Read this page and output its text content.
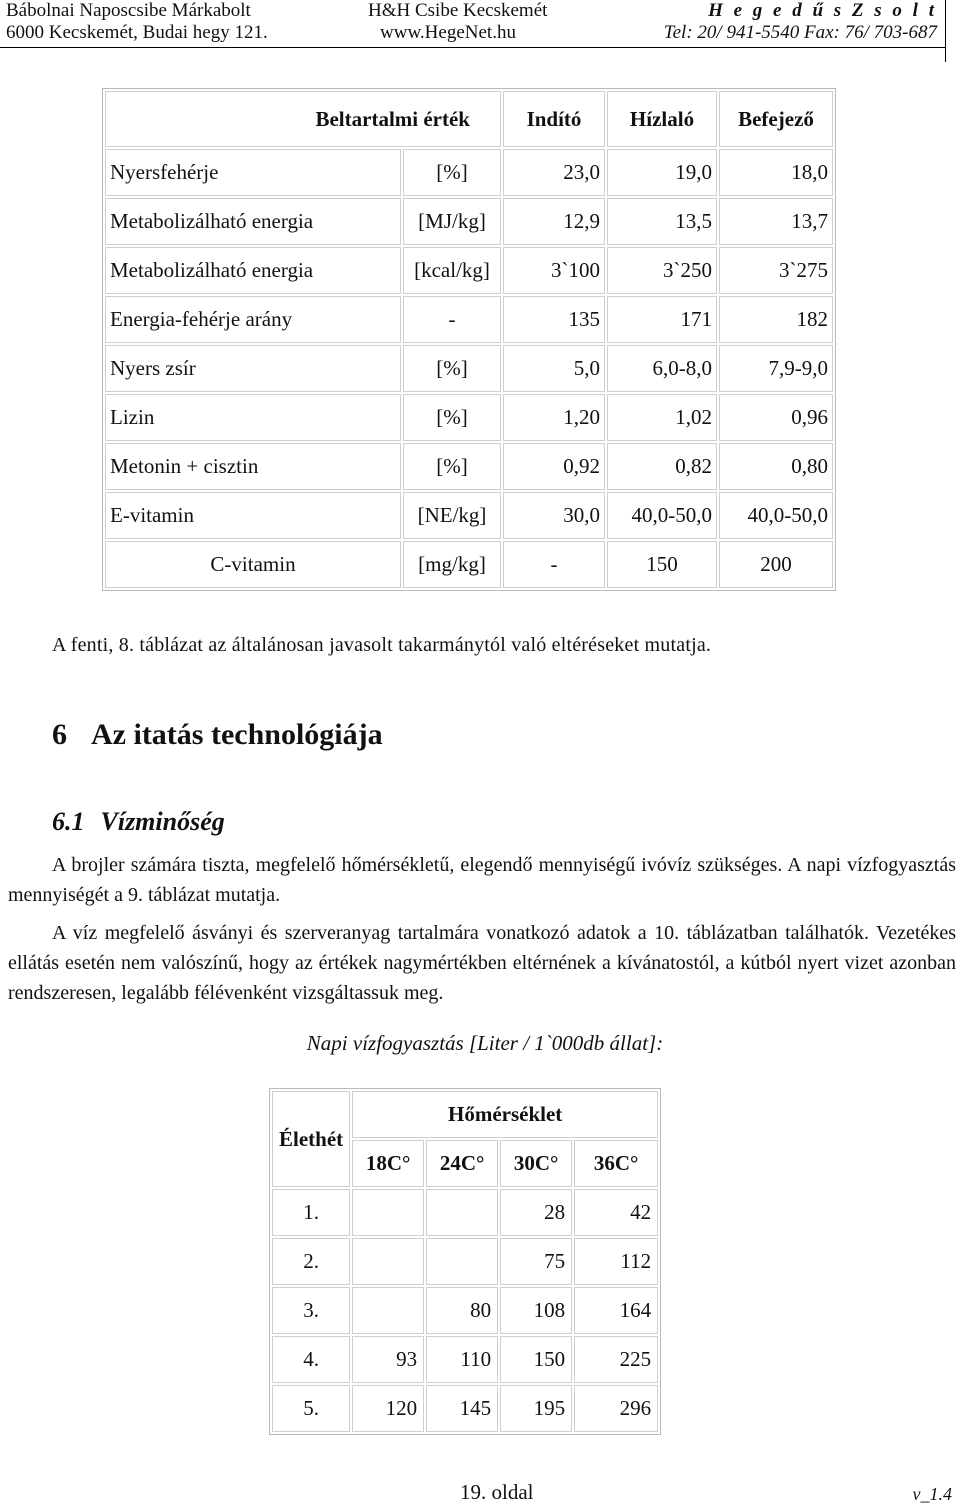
Bábolnai Naposcsibe Márkabolt
6000 Kecskemét, Budai hegy 121.
H&H Csibe Kecskemét
www.HegeNet.hu
H e g e d ű s Z s o l t
Tel: 20/ 941-5540 Fax: 76/ 703-687
Beltartalmi érték		Indító	Hízlaló	Befejező
Nyersfehérje	[%]	23,0	19,0	18,0
Metabolizálható energia	[MJ/kg]	12,9	13,5	13,7
Metabolizálható energia	[kcal/kg]	3`100	3`250	3`275
Energia-fehérje arány	-	135	171	182
Nyers zsír	[%]	5,0	6,0-8,0	7,9-9,0
Lizin	[%]	1,20	1,02	0,96
Metonin + cisztin	[%]	0,92	0,82	0,80
E-vitamin	[NE/kg]	30,0	40,0-50,0	40,0-50,0
C-vitamin	[mg/kg]	-	150	200
A fenti, 8. táblázat az általánosan javasolt takarmánytól való eltéréseket mutatja.
6 Az itatás technológiája
6.1 Vízminőség
A brojler számára tiszta, megfelelő hőmérsékletű, elegendő mennyiségű ivóvíz szükséges. A napi vízfogyasztás mennyiségét a 9. táblázat mutatja.
A víz megfelelő ásványi és szerveranyag tartalmára vonatkozó adatok a 10. táblázatban találhatók. Vezetékes ellátás esetén nem valószínű, hogy az értékek nagymértékben eltérnének a kívánatostól, a kútból nyert vizet azonban rendszeresen, legalább félévenként vizsgáltassuk meg.
Napi vízfogyasztás [Liter / 1`000db állat]:
Élethét	Hőmérséklet			
	18C°	24C°	30C°	36C°
1.			28	42
2.			75	112
3.		80	108	164
4.	93	110	150	225
5.	120	145	195	296
19. oldal	v_1.4
